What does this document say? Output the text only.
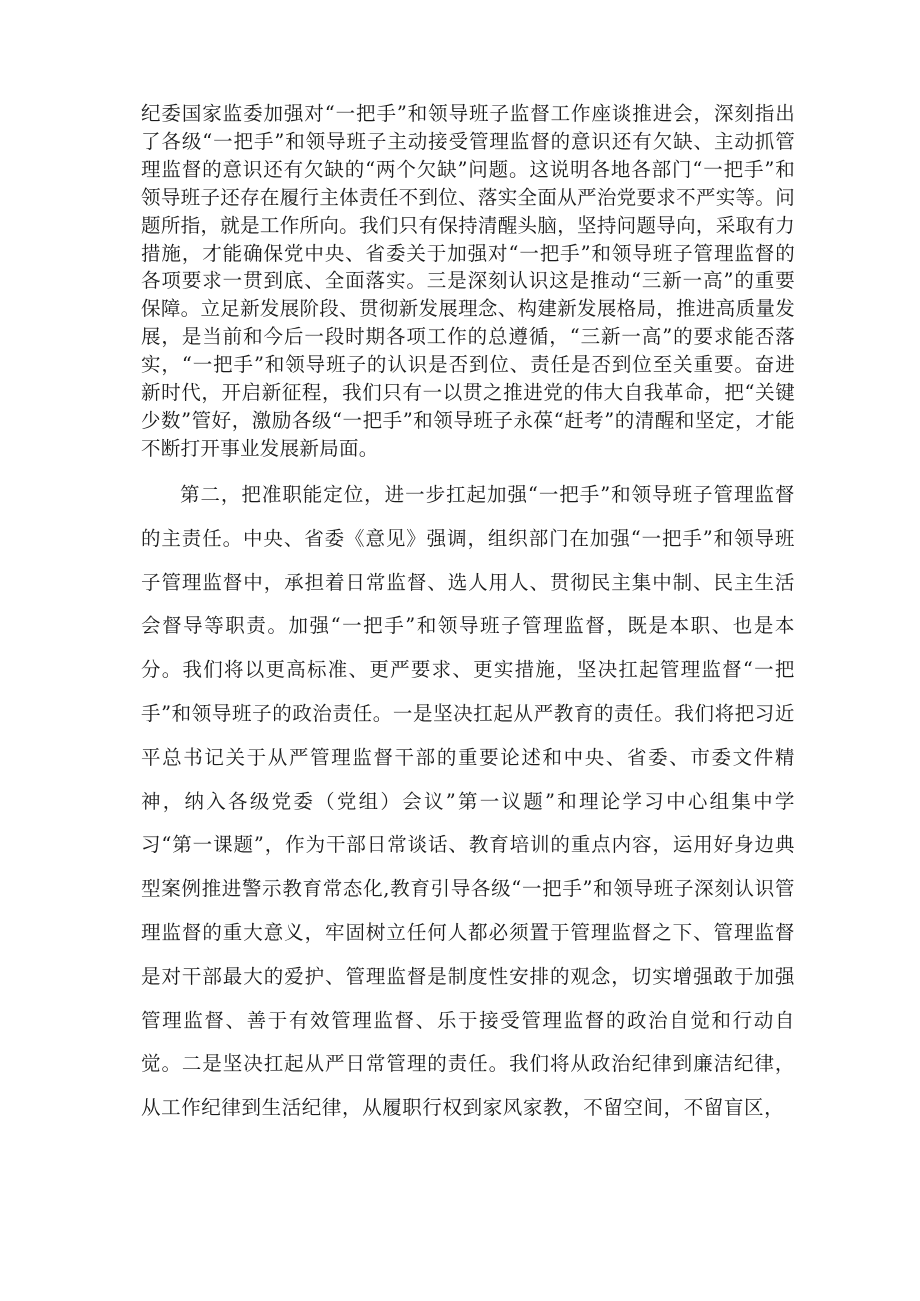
纪委国家监委加强对“一把手”和领导班子监督工作座谈推进会，深刻指出了各级“一把手”和领导班子主动接受管理监督的意识还有欠缺、主动抓管理监督的意识还有欠缺的“两个欠缺”问题。这说明各地各部门“一把手”和领导班子还存在履行主体责任不到位、落实全面从严治党要求不严实等。问题所指，就是工作所向。我们只有保持清醒头脑，坚持问题导向，采取有力措施，才能确保党中央、省委关于加强对“一把手”和领导班子管理监督的各项要求一贯到底、全面落实。三是深刻认识这是推动“三新一高”的重要保障。立足新发展阶段、贯彻新发展理念、构建新发展格局，推进高质量发展，是当前和今后一段时期各项工作的总遵循，“三新一高”的要求能否落实，“一把手”和领导班子的认识是否到位、责任是否到位至关重要。奋进新时代，开启新征程，我们只有一以贯之推进党的伟大自我革命，把“关键少数”管好，激励各级“一把手”和领导班子永葆“赶考”的清醒和坚定，才能不断打开事业发展新局面。

第二，把准职能定位，进一步扛起加强“一把手”和领导班子管理监督的主责任。中央、省委《意见》强调，组织部门在加强“一把手”和领导班子管理监督中，承担着日常监督、选人用人、贯彻民主集中制、民主生活会督导等职责。加强“一把手”和领导班子管理监督，既是本职、也是本分。我们将以更高标准、更严要求、更实措施，坚决扛起管理监督“一把手”和领导班子的政治责任。一是坚决扛起从严教育的责任。我们将把习近平总书记关于从严管理监督干部的重要论述和中央、省委、市委文件精神，纳入各级党委（党组）会议”第一议题”和理论学习中心组集中学习“第一课题”，作为干部日常谈话、教育培训的重点内容，运用好身边典型案例推进警示教育常态化,教育引导各级“一把手”和领导班子深刻认识管理监督的重大意义，牢固树立任何人都必须置于管理监督之下、管理监督是对干部最大的爱护、管理监督是制度性安排的观念，切实增强敢于加强管理监督、善于有效管理监督、乐于接受管理监督的政治自觉和行动自觉。二是坚决扛起从严日常管理的责任。我们将从政治纪律到廉洁纪律，从工作纪律到生活纪律，从履职行权到家风家教，不留空间，不留盲区，
